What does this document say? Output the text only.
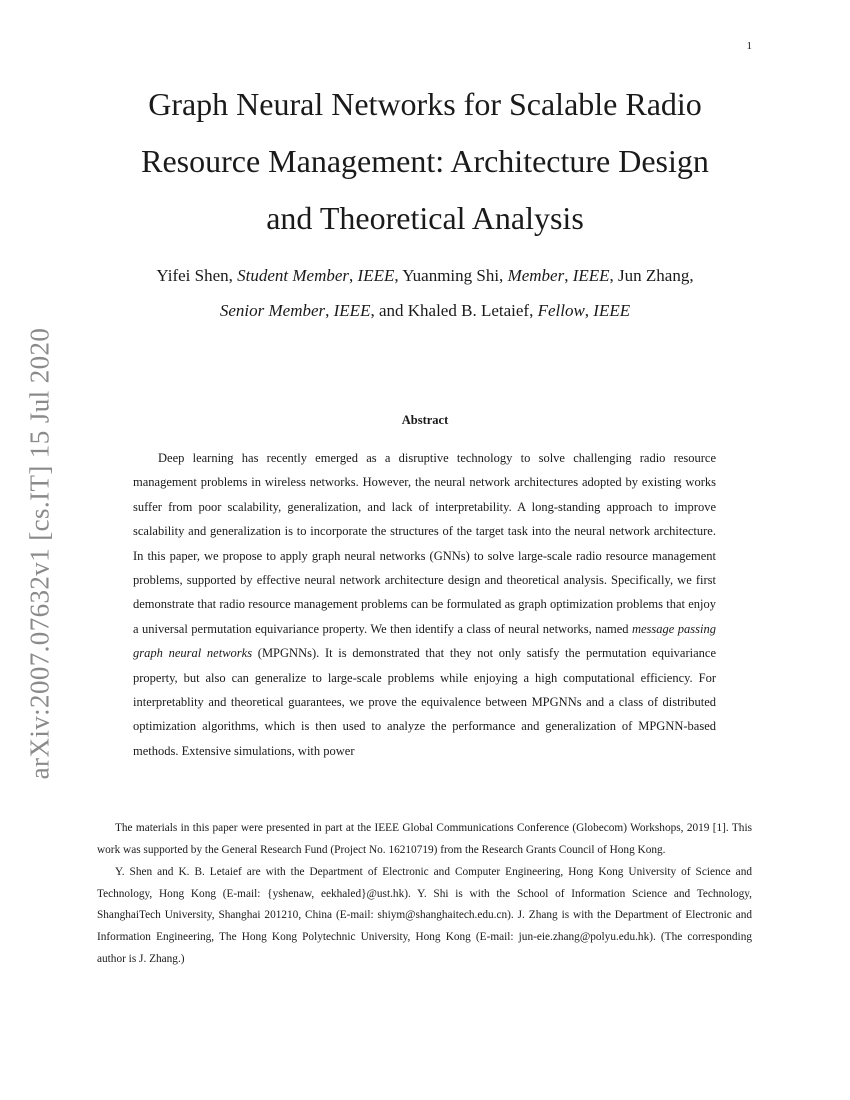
1
arXiv:2007.07632v1 [cs.IT] 15 Jul 2020
Graph Neural Networks for Scalable Radio
Resource Management: Architecture Design
and Theoretical Analysis
Yifei Shen, Student Member, IEEE, Yuanming Shi, Member, IEEE, Jun Zhang,
Senior Member, IEEE, and Khaled B. Letaief, Fellow, IEEE
Abstract

Deep learning has recently emerged as a disruptive technology to solve challenging radio resource management problems in wireless networks. However, the neural network architectures adopted by existing works suffer from poor scalability, generalization, and lack of interpretability. A long-standing approach to improve scalability and generalization is to incorporate the structures of the target task into the neural network architecture. In this paper, we propose to apply graph neural networks (GNNs) to solve large-scale radio resource management problems, supported by effective neural network architecture design and theoretical analysis. Specifically, we first demonstrate that radio resource management problems can be formulated as graph optimization problems that enjoy a universal permutation equivariance property. We then identify a class of neural networks, named message passing graph neural networks (MPGNNs). It is demonstrated that they not only satisfy the permutation equivariance property, but also can generalize to large-scale problems while enjoying a high computational efficiency. For interpretablity and theoretical guarantees, we prove the equivalence between MPGNNs and a class of distributed optimization algorithms, which is then used to analyze the performance and generalization of MPGNN-based methods. Extensive simulations, with power

The materials in this paper were presented in part at the IEEE Global Communications Conference (Globecom) Workshops, 2019 [1]. This work was supported by the General Research Fund (Project No. 16210719) from the Research Grants Council of Hong Kong.

Y. Shen and K. B. Letaief are with the Department of Electronic and Computer Engineering, Hong Kong University of Science and Technology, Hong Kong (E-mail: {yshenaw, eekhaled}@ust.hk). Y. Shi is with the School of Information Science and Technology, ShanghaiTech University, Shanghai 201210, China (E-mail: shiym@shanghaitech.edu.cn). J. Zhang is with the Department of Electronic and Information Engineering, The Hong Kong Polytechnic University, Hong Kong (E-mail: jun-eie.zhang@polyu.edu.hk). (The corresponding author is J. Zhang.)
